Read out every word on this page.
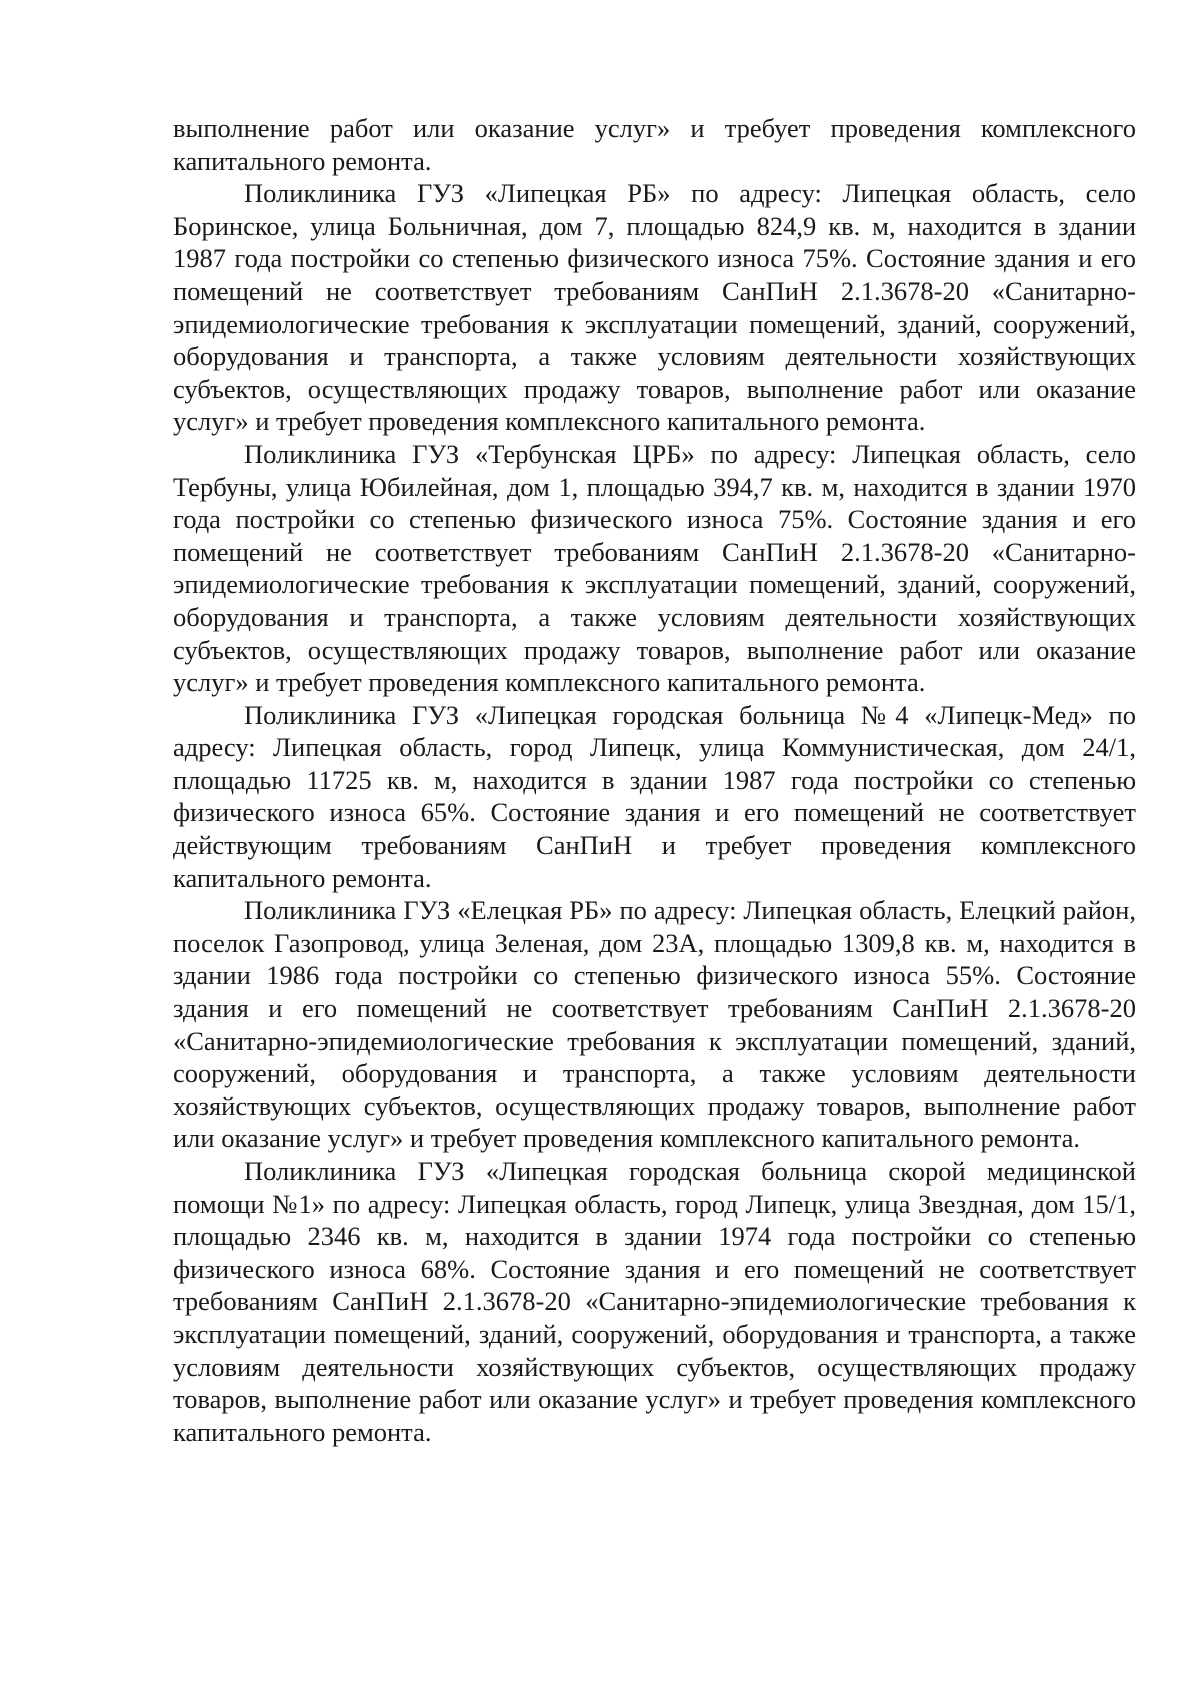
выполнение работ или оказание услуг» и требует проведения комплексного капитального ремонта.

Поликлиника ГУЗ «Липецкая РБ» по адресу: Липецкая область, село Боринское, улица Больничная, дом 7, площадью 824,9 кв. м, находится в здании 1987 года постройки со степенью физического износа 75%. Состояние здания и его помещений не соответствует требованиям СанПиН 2.1.3678-20 «Санитарно-эпидемиологические требования к эксплуатации помещений, зданий, сооружений, оборудования и транспорта, а также условиям деятельности хозяйствующих субъектов, осуществляющих продажу товаров, выполнение работ или оказание услуг» и требует проведения комплексного капитального ремонта.

Поликлиника ГУЗ «Тербунская ЦРБ» по адресу: Липецкая область, село Тербуны, улица Юбилейная, дом 1, площадью 394,7 кв. м, находится в здании 1970 года постройки со степенью физического износа 75%. Состояние здания и его помещений не соответствует требованиям СанПиН 2.1.3678-20 «Санитарно-эпидемиологические требования к эксплуатации помещений, зданий, сооружений, оборудования и транспорта, а также условиям деятельности хозяйствующих субъектов, осуществляющих продажу товаров, выполнение работ или оказание услуг» и требует проведения комплексного капитального ремонта.

Поликлиника ГУЗ «Липецкая городская больница №4 «Липецк-Мед» по адресу: Липецкая область, город Липецк, улица Коммунистическая, дом 24/1, площадью 11725 кв. м, находится в здании 1987 года постройки со степенью физического износа 65%. Состояние здания и его помещений не соответствует действующим требованиям СанПиН и требует проведения комплексного капитального ремонта.

Поликлиника ГУЗ «Елецкая РБ» по адресу: Липецкая область, Елецкий район, поселок Газопровод, улица Зеленая, дом 23А, площадью 1309,8 кв. м, находится в здании 1986 года постройки со степенью физического износа 55%. Состояние здания и его помещений не соответствует требованиям СанПиН 2.1.3678-20 «Санитарно-эпидемиологические требования к эксплуатации помещений, зданий, сооружений, оборудования и транспорта, а также условиям деятельности хозяйствующих субъектов, осуществляющих продажу товаров, выполнение работ или оказание услуг» и требует проведения комплексного капитального ремонта.

Поликлиника ГУЗ «Липецкая городская больница скорой медицинской помощи №1» по адресу: Липецкая область, город Липецк, улица Звездная, дом 15/1, площадью 2346 кв. м, находится в здании 1974 года постройки со степенью физического износа 68%. Состояние здания и его помещений не соответствует требованиям СанПиН 2.1.3678-20 «Санитарно-эпидемиологические требования к эксплуатации помещений, зданий, сооружений, оборудования и транспорта, а также условиям деятельности хозяйствующих субъектов, осуществляющих продажу товаров, выполнение работ или оказание услуг» и требует проведения комплексного капитального ремонта.
